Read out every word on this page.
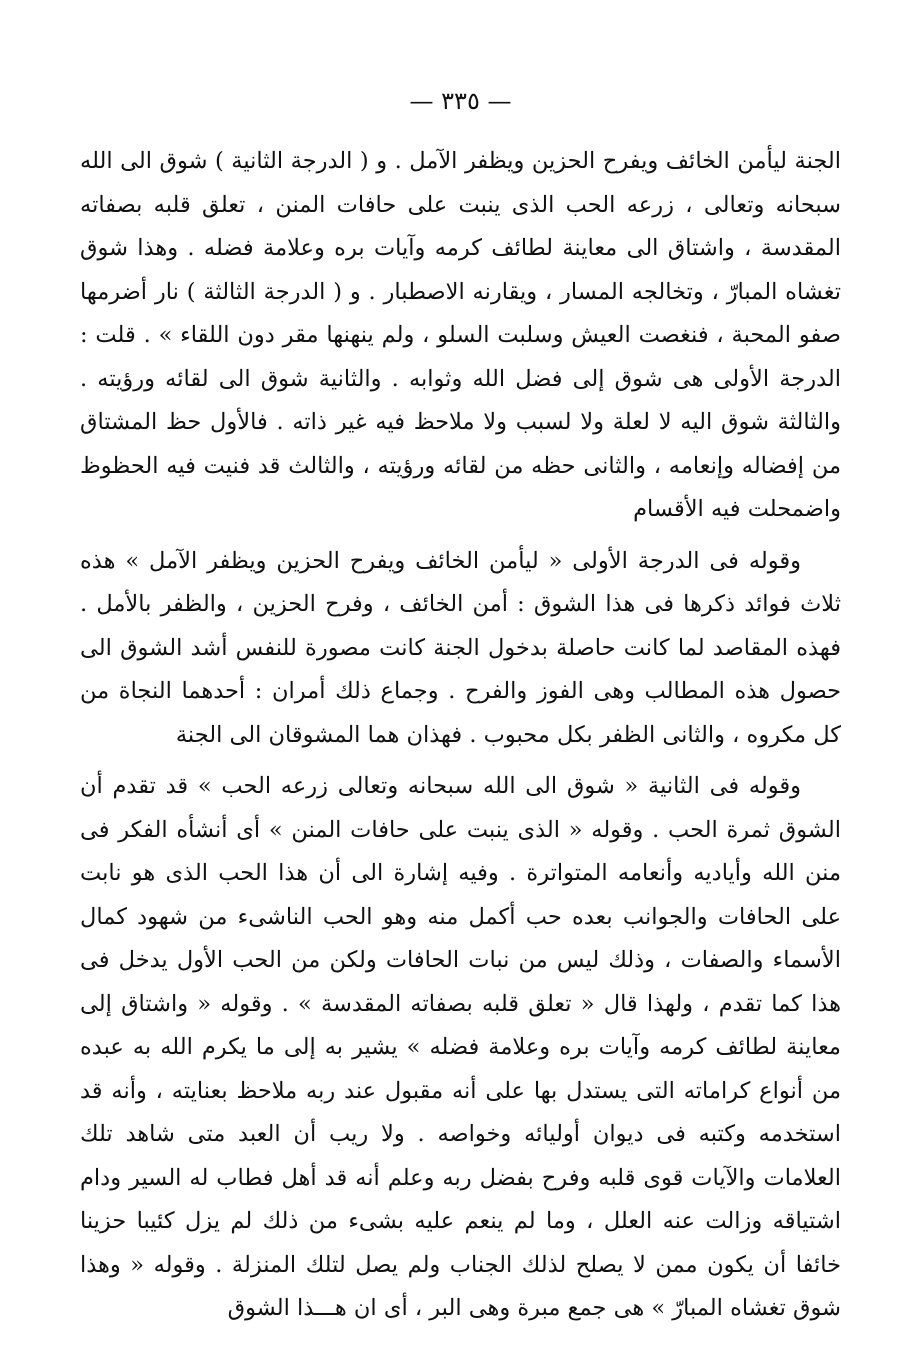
— ٣٣٥ —

الجنة ليأمن الخائف ويفرح الحزين ويظفر الآمل . و ( الدرجة الثانية ) شوق الى الله سبحانه وتعالى ، زرعه الحب الذى ينبت على حافات المنن ، تعلق قلبه بصفاته المقدسة ، واشتاق الى معاينة لطائف كرمه وآيات بره وعلامة فضله . وهذا شوق تغشاه المبارّ ، وتخالجه المسار ، ويقارنه الاصطبار . و ( الدرجة الثالثة ) نار أضرمها صفو المحبة ، فنغصت العيش وسلبت السلو ، ولم ينهنها مقر دون اللقاء » . قلت : الدرجة الأولى هى شوق إلى فضل الله وثوابه . والثانية شوق الى لقائه ورؤيته . والثالثة شوق اليه لا لعلة ولا لسبب ولا ملاحظ فيه غير ذاته . فالأول حظ المشتاق من إفضاله وإنعامه ، والثانى حظه من لقائه ورؤيته ، والثالث قد فنيت فيه الحظوظ واضمحلت فيه الأقسام

وقوله فى الدرجة الأولى « ليأمن الخائف ويفرح الحزين ويظفر الآمل » هذه ثلاث فوائد ذكرها فى هذا الشوق : أمن الخائف ، وفرح الحزين ، والظفر بالأمل . فهذه المقاصد لما كانت حاصلة بدخول الجنة كانت مصورة للنفس أشد الشوق الى حصول هذه المطالب وهى الفوز والفرح . وجماع ذلك أمران : أحدهما النجاة من كل مكروه ، والثانى الظفر بكل محبوب . فهذان هما المشوقان الى الجنة

وقوله فى الثانية « شوق الى الله سبحانه وتعالى زرعه الحب » قد تقدم أن الشوق ثمرة الحب . وقوله « الذى ينبت على حافات المنن » أى أنشأه الفكر فى منن الله وأياديه وأنعامه المتواترة . وفيه إشارة الى أن هذا الحب الذى هو نابت على الحافات والجوانب بعده حب أكمل منه وهو الحب الناشىء من شهود كمال الأسماء والصفات ، وذلك ليس من نبات الحافات ولكن من الحب الأول يدخل فى هذا كما تقدم ، ولهذا قال « تعلق قلبه بصفاته المقدسة » . وقوله « واشتاق إلى معاينة لطائف كرمه وآيات بره وعلامة فضله » يشير به إلى ما يكرم الله به عبده من أنواع كراماته التى يستدل بها على أنه مقبول عند ربه ملاحظ بعنايته ، وأنه قد استخدمه وكتبه فى ديوان أوليائه وخواصه . ولا ريب أن العبد متى شاهد تلك العلامات والآيات قوى قلبه وفرح بفضل ربه وعلم أنه قد أهل فطاب له السير ودام اشتياقه وزالت عنه العلل ، وما لم ينعم عليه بشىء من ذلك لم يزل كئيبا حزينا خائفا أن يكون ممن لا يصلح لذلك الجناب ولم يصل لتلك المنزلة . وقوله « وهذا شوق تغشاه المبارّ » هى جمع مبرة وهى البر ، أى ان هـــذا الشوق
